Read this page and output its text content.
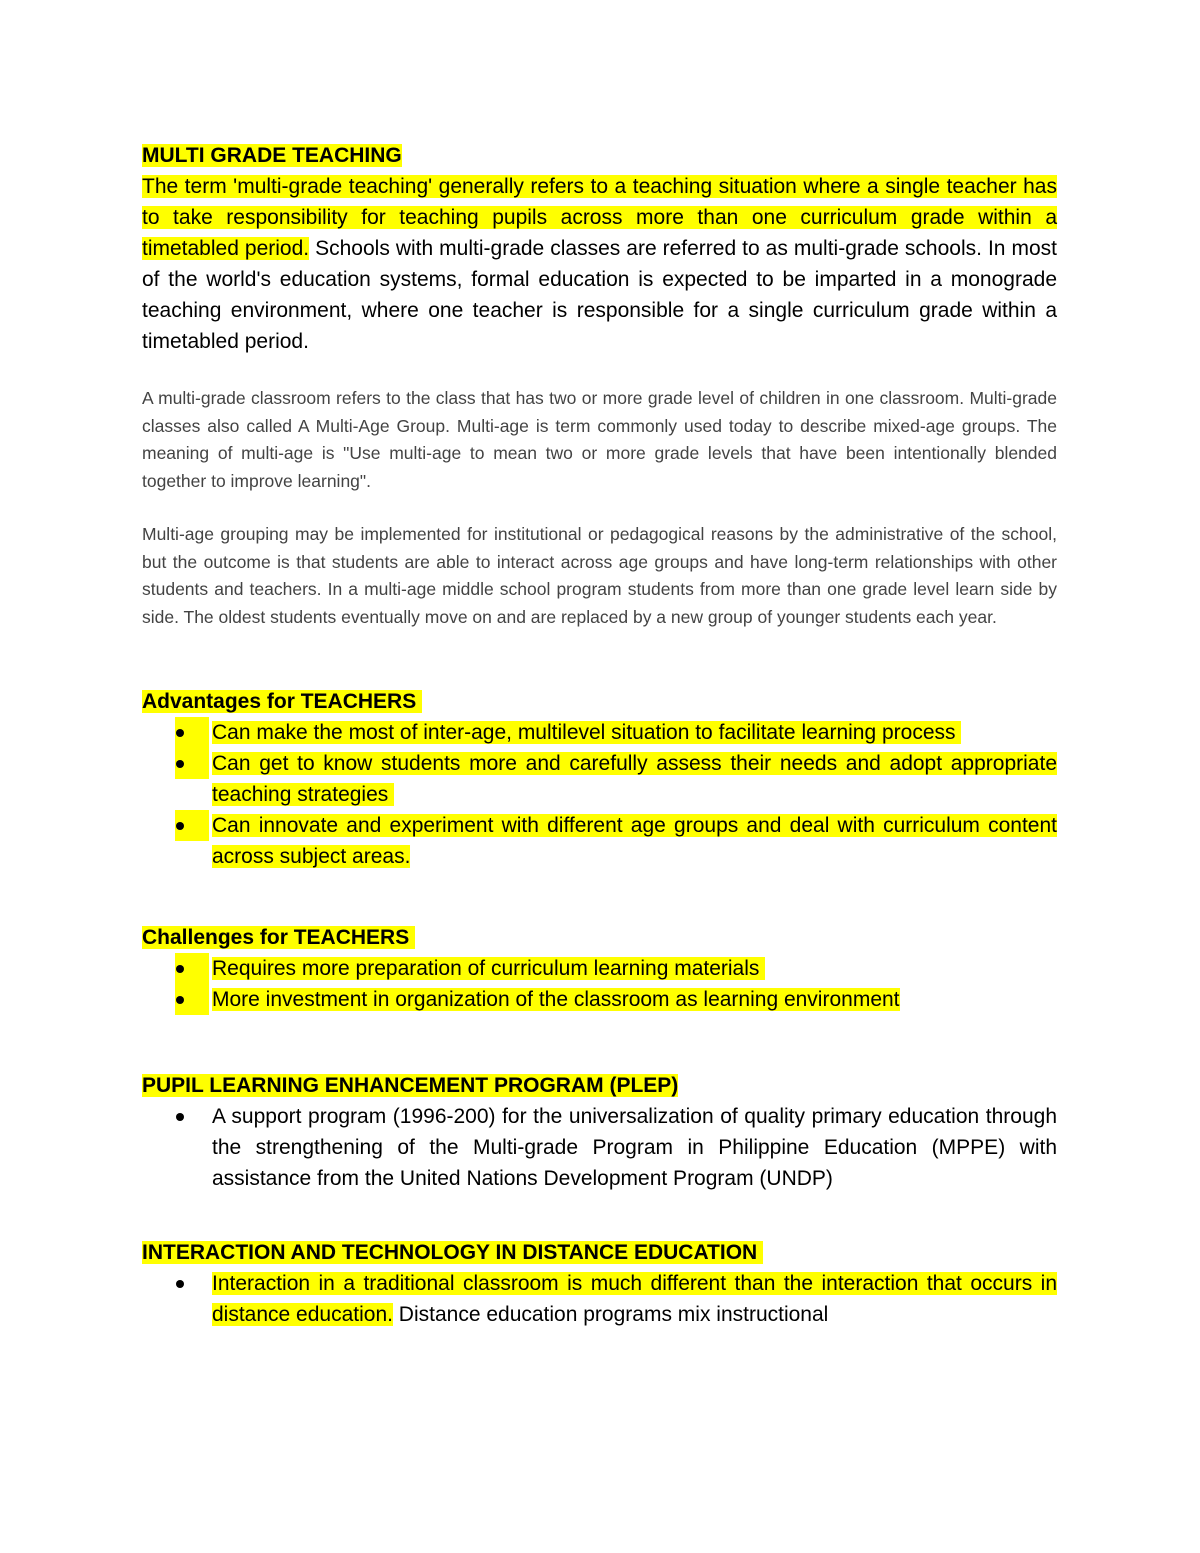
MULTI GRADE TEACHING

The term 'multi-grade teaching' generally refers to a teaching situation where a single teacher has to take responsibility for teaching pupils across more than one curriculum grade within a timetabled period. Schools with multi-grade classes are referred to as multi-grade schools. In most of the world's education systems, formal education is expected to be imparted in a monograde teaching environment, where one teacher is responsible for a single curriculum grade within a timetabled period.

A multi-grade classroom refers to the class that has two or more grade level of children in one classroom. Multi-grade classes also called A Multi-Age Group. Multi-age is term commonly used today to describe mixed-age groups. The meaning of multi-age is "Use multi-age to mean two or more grade levels that have been intentionally blended together to improve learning".

Multi-age grouping may be implemented for institutional or pedagogical reasons by the administrative of the school, but the outcome is that students are able to interact across age groups and have long-term relationships with other students and teachers. In a multi-age middle school program students from more than one grade level learn side by side. The oldest students eventually move on and are replaced by a new group of younger students each year.

Advantages for TEACHERS
Can make the most of inter-age, multilevel situation to facilitate learning process
Can get to know students more and carefully assess their needs and adopt appropriate teaching strategies
Can innovate and experiment with different age groups and deal with curriculum content across subject areas.
Challenges for TEACHERS
Requires more preparation of curriculum learning materials
More investment in organization of the classroom as learning environment
PUPIL LEARNING ENHANCEMENT PROGRAM (PLEP)
A support program (1996-200) for the universalization of quality primary education through the strengthening of the Multi-grade Program in Philippine Education (MPPE) with assistance from the United Nations Development Program (UNDP)
INTERACTION AND TECHNOLOGY IN DISTANCE EDUCATION
Interaction in a traditional classroom is much different than the interaction that occurs in distance education. Distance education programs mix instructional
